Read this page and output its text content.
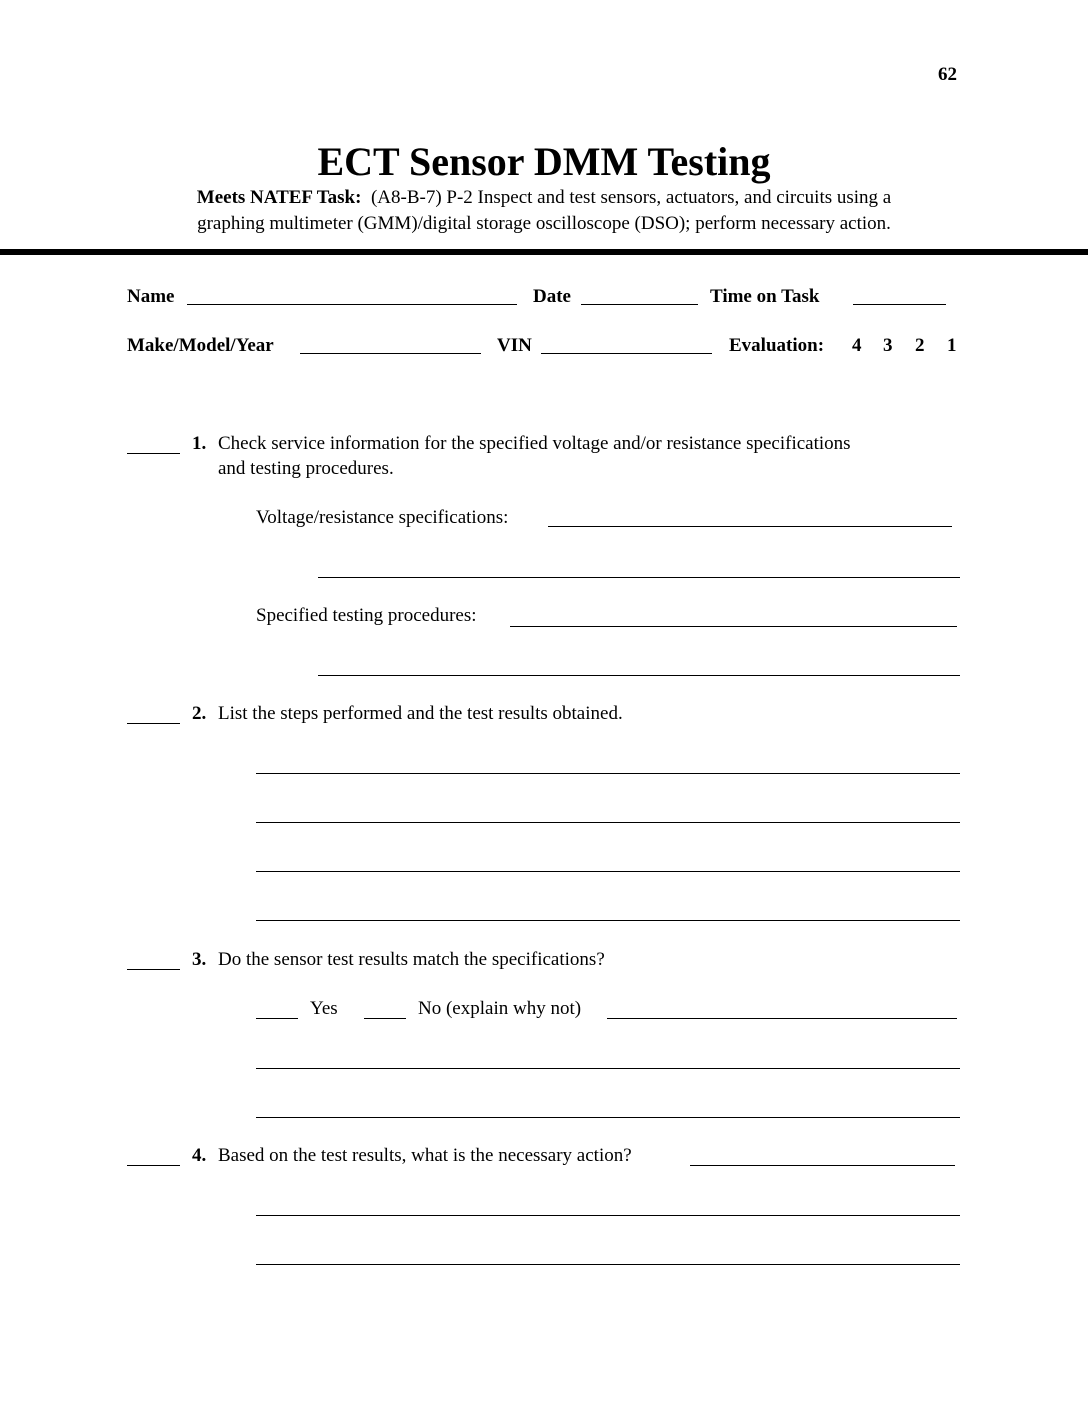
62
ECT Sensor DMM Testing
Meets NATEF Task: (A8-B-7) P-2 Inspect and test sensors, actuators, and circuits using a
graphing multimeter (GMM)/digital storage oscilloscope (DSO); perform necessary action.
Name	Date	Time on Task
Make/Model/Year	VIN	Evaluation: 4 3 2 1
1. Check service information for the specified voltage and/or resistance specifications
and testing procedures.
Voltage/resistance specifications:
Specified testing procedures:
2. List the steps performed and the test results obtained.
3. Do the sensor test results match the specifications?
Yes	No (explain why not)
4. Based on the test results, what is the necessary action?
